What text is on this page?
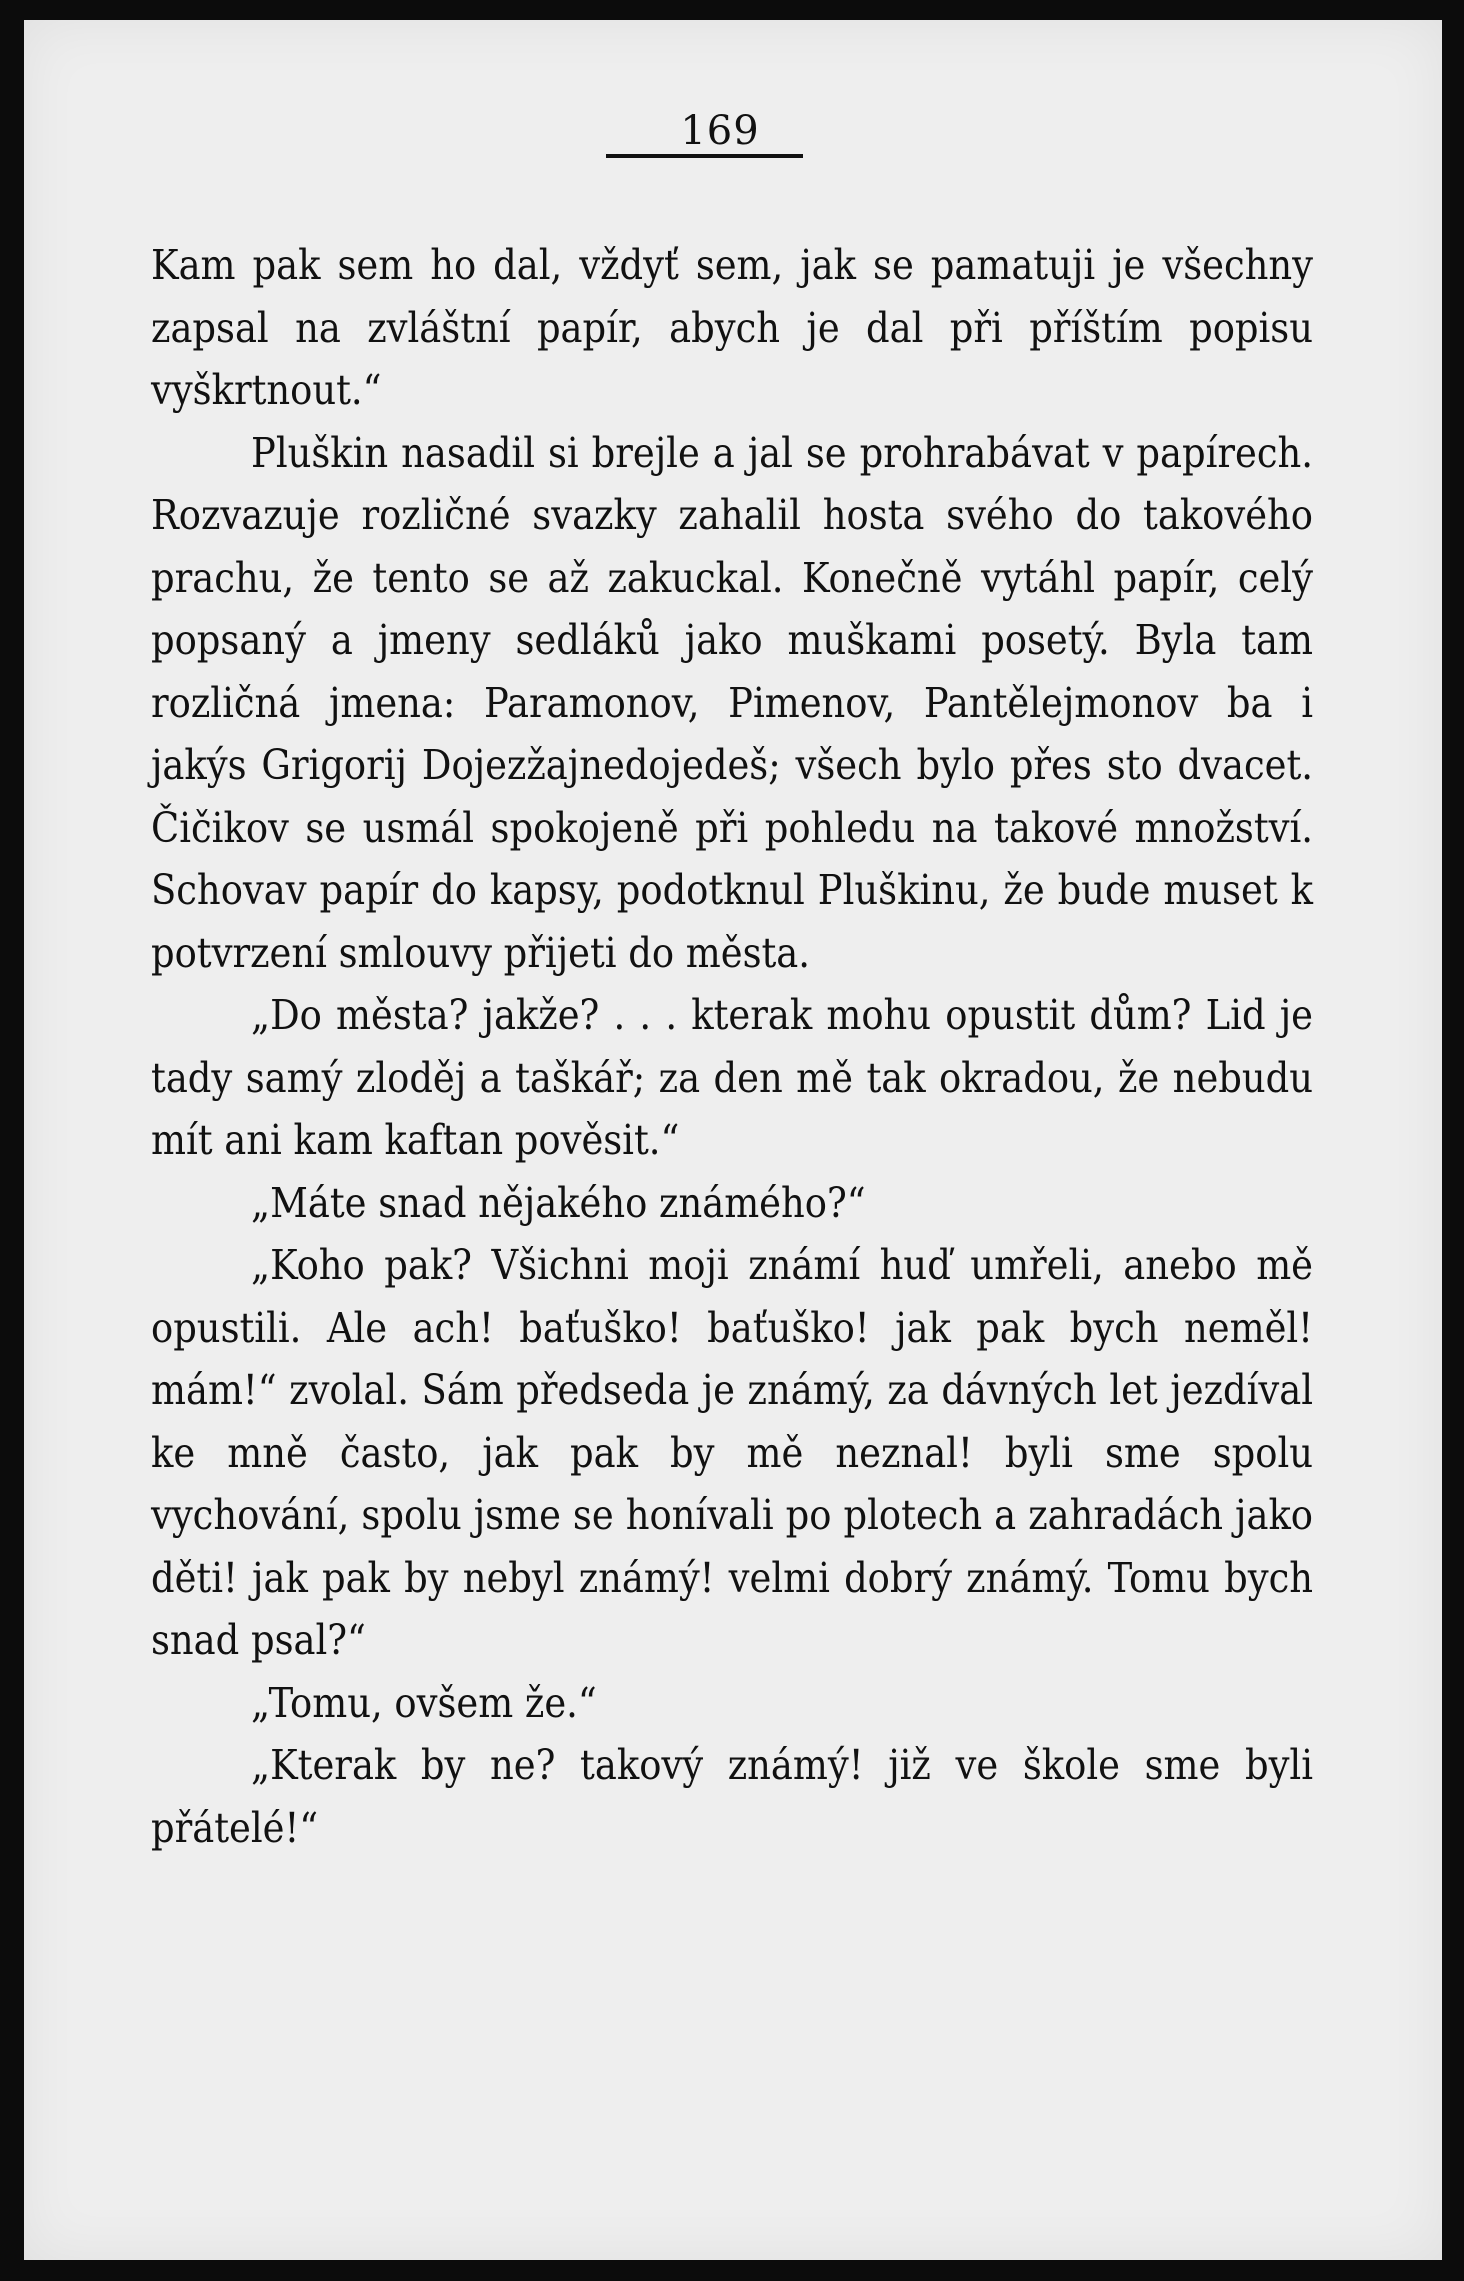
169

Kam pak sem ho dal, vždyť sem, jak se pamatuji je všechny zapsal na zvláštní papír, abych je dal při příštím popisu vyškrtnout.“

Pluškin nasadil si brejle a jal se prohrabávat v papírech. Rozvazuje rozličné svazky zahalil hosta svého do takového prachu, že tento se až zakuckal. Konečně vytáhl papír, celý popsaný a jmeny sedláků jako muškami posetý. Byla tam rozličná jmena: Paramonov, Pimenov, Pantělejmonov ba i jakýs Grigorij Dojezžajnedojedeš; všech bylo přes sto dvacet. Čičikov se usmál spokojeně při pohledu na takové množství. Schovav papír do kapsy, podotknul Pluškinu, že bude muset k potvrzení smlouvy přijeti do města.

„Do města? jakže? . . . kterak mohu opustit dům? Lid je tady samý zloděj a taškář; za den mě tak okradou, že nebudu mít ani kam kaftan pověsit.“

„Máte snad nějakého známého?“

„Koho pak? Všichni moji známí huď umřeli, anebo mě opustili. Ale ach! baťuško! baťuško! jak pak bych neměl! mám!“ zvolal. Sám předseda je známý, za dávných let jezdíval ke mně často, jak pak by mě neznal! byli sme spolu vychování, spolu jsme se honívali po plotech a zahradách jako děti! jak pak by nebyl známý! velmi dobrý známý. Tomu bych snad psal?“

„Tomu, ovšem že.“

„Kterak by ne? takový známý! již ve škole sme byli přátelé!“
